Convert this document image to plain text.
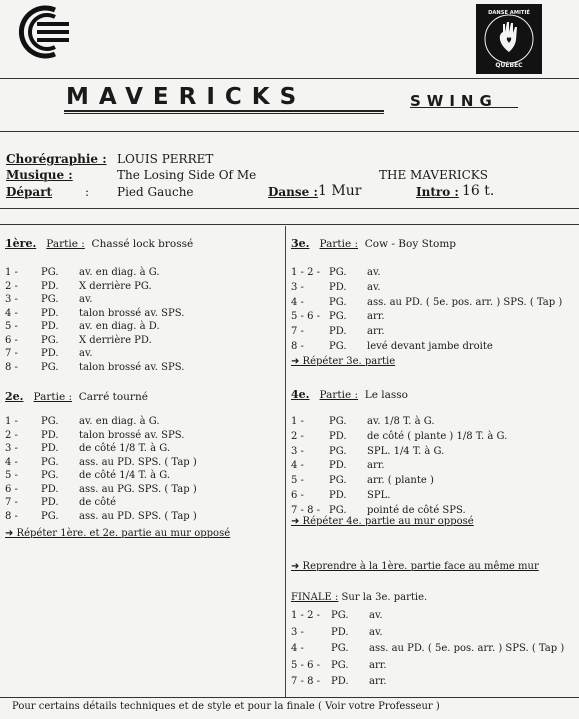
QUÉBEC
DANSE AMITIÉ
MAVERICKS	SWING
Chorégraphie : LOUIS PERRET
Musique :	The Losing Side Of Me	THE MAVERICKS
Départ	: Pied Gauche	Danse : 1 Mur	Intro : 16 t.
1ère. Partie : Chassé lock brossé
2e. Partie : Carré tourné
3e. Partie : Cow - Boy Stomp
4e. Partie : Le lasso
1 - PG. av. en diag. à G.
2 - PD. X derrière PG.
3 - PG. av.
4 - PD. talon brossé av. SPS.
5 - PD. av. en diag. à D.
6 - PG. X derrière PD.
7 - PD. av.
8 - PG. talon brossé av. SPS.
1 - PG. av. en diag. à G.
2 - PD. talon brossé av. SPS.
3 - PD. de côté 1/8 T. à G.
4 - PG. ass. au PD. SPS. ( Tap )
5 - PG. de côté 1/4 T. à G.
6 - PD. ass. au PG. SPS. ( Tap )
7 - PD. de côté
8 - PG. ass. au PD. SPS. ( Tap )
1 - 2 - PG. av.
3 -	PD. av.
4 -	PG. ass. au PD. ( 5e. pos. arr. ) SPS. ( Tap )
5 - 6 - PG. arr.
7 -	PD. arr.
8 -	PG. levé devant jambe droite
1 -	PG. av. 1/8 T. à G.
2 -	PD. de côté ( plante ) 1/8 T. à G.
3 -	PG. SPL. 1/4 T. à G.
4 -	PD. arr.
5 -	PG. arr. ( plante )
6 -	PD. SPL.
7 - 8 - PG. pointé de côté SPS.
1 - 2 - PG. av.
3 -	PD. av.
4 -	PG. ass. au PD. ( 5e. pos. arr. ) SPS. ( Tap )
5 - 6 - PG. arr.
7 - 8 - PD. arr.
➜ Répéter 1ère. et 2e. partie au mur opposé
➜ Répéter 3e. partie
➜ Répéter 4e. partie au mur opposé
➜ Reprendre à la 1ère. partie face au même mur
FINALE : Sur la 3e. partie.
Pour certains détails techniques et de style et pour la finale ( Voir votre Professeur )
